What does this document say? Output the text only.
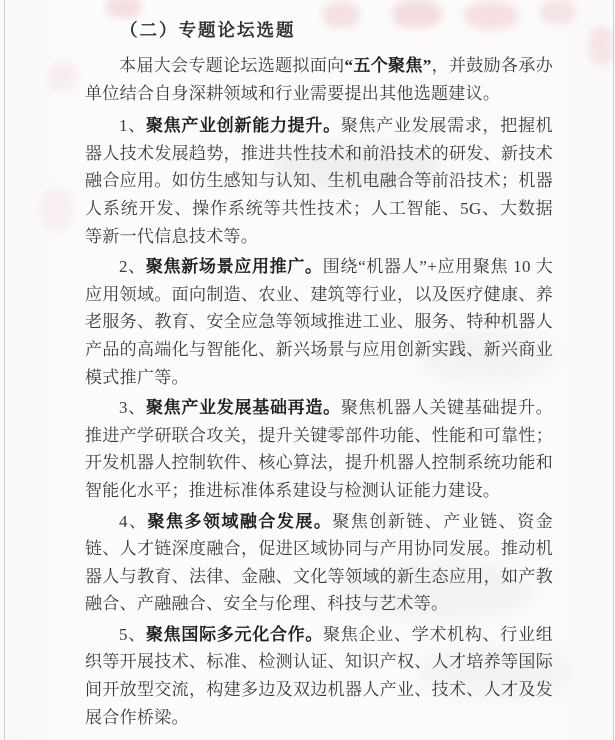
（二）专题论坛选题

本届大会专题论坛选题拟面向“五个聚焦”，并鼓励各承办单位结合自身深耕领域和行业需要提出其他选题建议。

1、聚焦产业创新能力提升。聚焦产业发展需求，把握机器人技术发展趋势，推进共性技术和前沿技术的研发、新技术融合应用。如仿生感知与认知、生机电融合等前沿技术；机器人系统开发、操作系统等共性技术；人工智能、5G、大数据等新一代信息技术等。

2、聚焦新场景应用推广。围绕“机器人”+应用聚焦 10 大应用领域。面向制造、农业、建筑等行业，以及医疗健康、养老服务、教育、安全应急等领域推进工业、服务、特种机器人产品的高端化与智能化、新兴场景与应用创新实践、新兴商业模式推广等。

3、聚焦产业发展基础再造。聚焦机器人关键基础提升。推进产学研联合攻关，提升关键零部件功能、性能和可靠性；开发机器人控制软件、核心算法，提升机器人控制系统功能和智能化水平；推进标准体系建设与检测认证能力建设。

4、聚焦多领域融合发展。聚焦创新链、产业链、资金链、人才链深度融合，促进区域协同与产用协同发展。推动机器人与教育、法律、金融、文化等领域的新生态应用，如产教融合、产融融合、安全与伦理、科技与艺术等。

5、聚焦国际多元化合作。聚焦企业、学术机构、行业组织等开展技术、标准、检测认证、知识产权、人才培养等国际间开放型交流，构建多边及双边机器人产业、技术、人才及发展合作桥梁。
